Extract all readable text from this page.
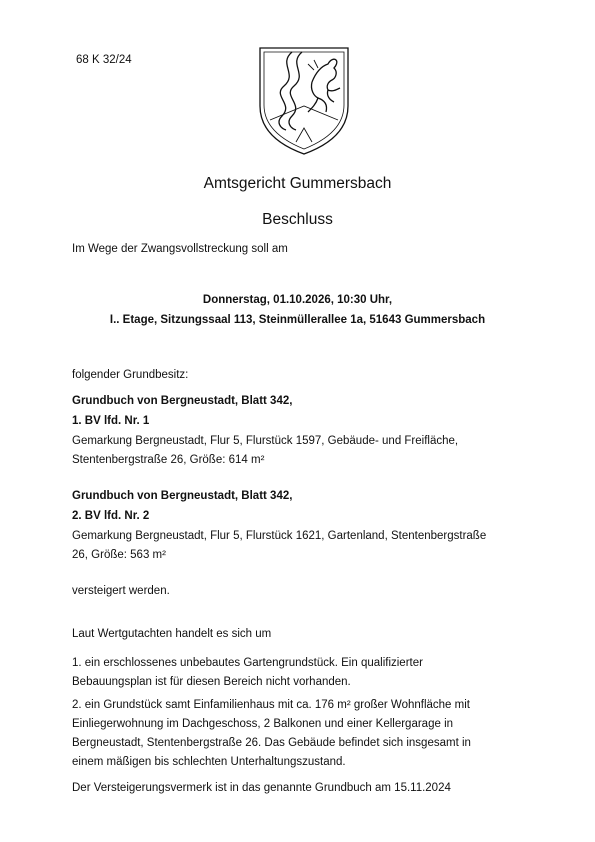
68 K 32/24
Amtsgericht Gummersbach
Beschluss
Im Wege der Zwangsvollstreckung soll am
Donnerstag, 01.10.2026, 10:30 Uhr,
I.. Etage, Sitzungssaal 113, Steinmüllerallee 1a, 51643 Gummersbach
folgender Grundbesitz:
Grundbuch von Bergneustadt, Blatt 342,
1. BV lfd. Nr. 1
Gemarkung Bergneustadt, Flur 5, Flurstück 1597, Gebäude- und Freifläche,
Stentenbergstraße 26, Größe: 614 m²
Grundbuch von Bergneustadt, Blatt 342,
2. BV lfd. Nr. 2
Gemarkung Bergneustadt, Flur 5, Flurstück 1621, Gartenland, Stentenbergstraße
26, Größe: 563 m²
versteigert werden.
Laut Wertgutachten handelt es sich um
1. ein erschlossenes unbebautes Gartengrundstück. Ein qualifizierter
Bebauungsplan ist für diesen Bereich nicht vorhanden.
2. ein Grundstück samt Einfamilienhaus mit ca. 176 m² großer Wohnfläche mit
Einliegerwohnung im Dachgeschoss, 2 Balkonen und einer Kellergarage in
Bergneustadt, Stentenbergstraße 26. Das Gebäude befindet sich insgesamt in
einem mäßigen bis schlechten Unterhaltungszustand.
Der Versteigerungsvermerk ist in das genannte Grundbuch am 15.11.2024
